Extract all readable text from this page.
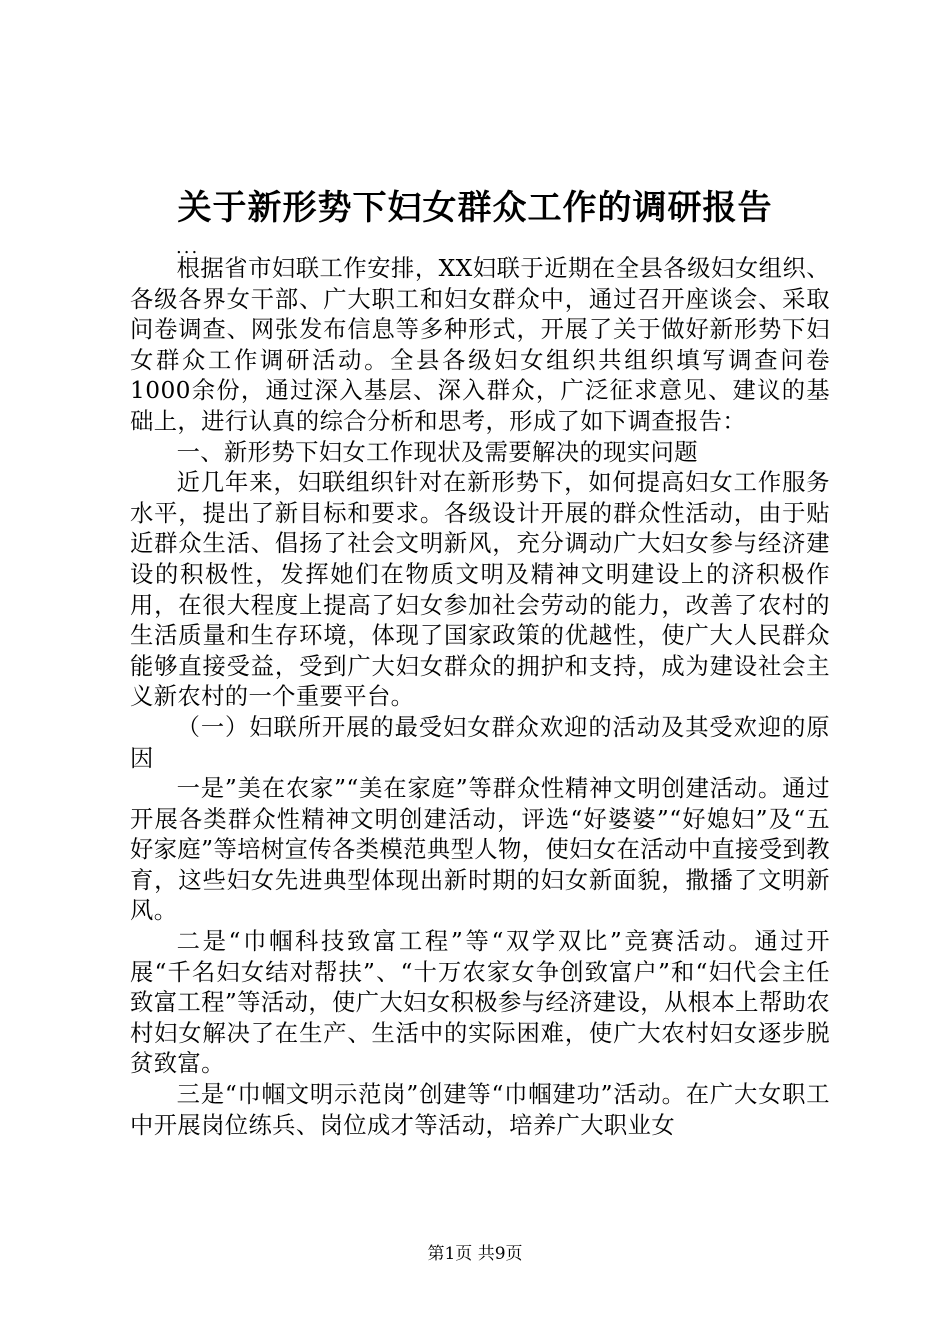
关于新形势下妇女群众工作的调研报告
...

根据省市妇联工作安排，XX妇联于近期在全县各级妇女组织、各级各界女干部、广大职工和妇女群众中，通过召开座谈会、采取问卷调查、网张发布信息等多种形式，开展了关于做好新形势下妇女群众工作调研活动。全县各级妇女组织共组织填写调查问卷1000余份，通过深入基层、深入群众，广泛征求意见、建议的基础上，进行认真的综合分析和思考，形成了如下调查报告：

一、新形势下妇女工作现状及需要解决的现实问题

近几年来，妇联组织针对在新形势下，如何提高妇女工作服务水平，提出了新目标和要求。各级设计开展的群众性活动，由于贴近群众生活、倡扬了社会文明新风，充分调动广大妇女参与经济建设的积极性，发挥她们在物质文明及精神文明建设上的济积极作用，在很大程度上提高了妇女参加社会劳动的能力，改善了农村的生活质量和生存环境，体现了国家政策的优越性，使广大人民群众能够直接受益，受到广大妇女群众的拥护和支持，成为建设社会主义新农村的一个重要平台。

（一）妇联所开展的最受妇女群众欢迎的活动及其受欢迎的原因

一是”美在农家”“美在家庭”等群众性精神文明创建活动。通过开展各类群众性精神文明创建活动，评选“好婆婆”“好媳妇”及“五好家庭”等培树宣传各类模范典型人物，使妇女在活动中直接受到教育，这些妇女先进典型体现出新时期的妇女新面貌，撒播了文明新风。

二是“巾帼科技致富工程”等“双学双比”竞赛活动。通过开展“千名妇女结对帮扶”、“十万农家女争创致富户”和“妇代会主任致富工程”等活动，使广大妇女积极参与经济建设，从根本上帮助农村妇女解决了在生产、生活中的实际困难，使广大农村妇女逐步脱贫致富。

三是“巾帼文明示范岗”创建等“巾帼建功”活动。在广大女职工中开展岗位练兵、岗位成才等活动，培养广大职业女

第1页 共9页
